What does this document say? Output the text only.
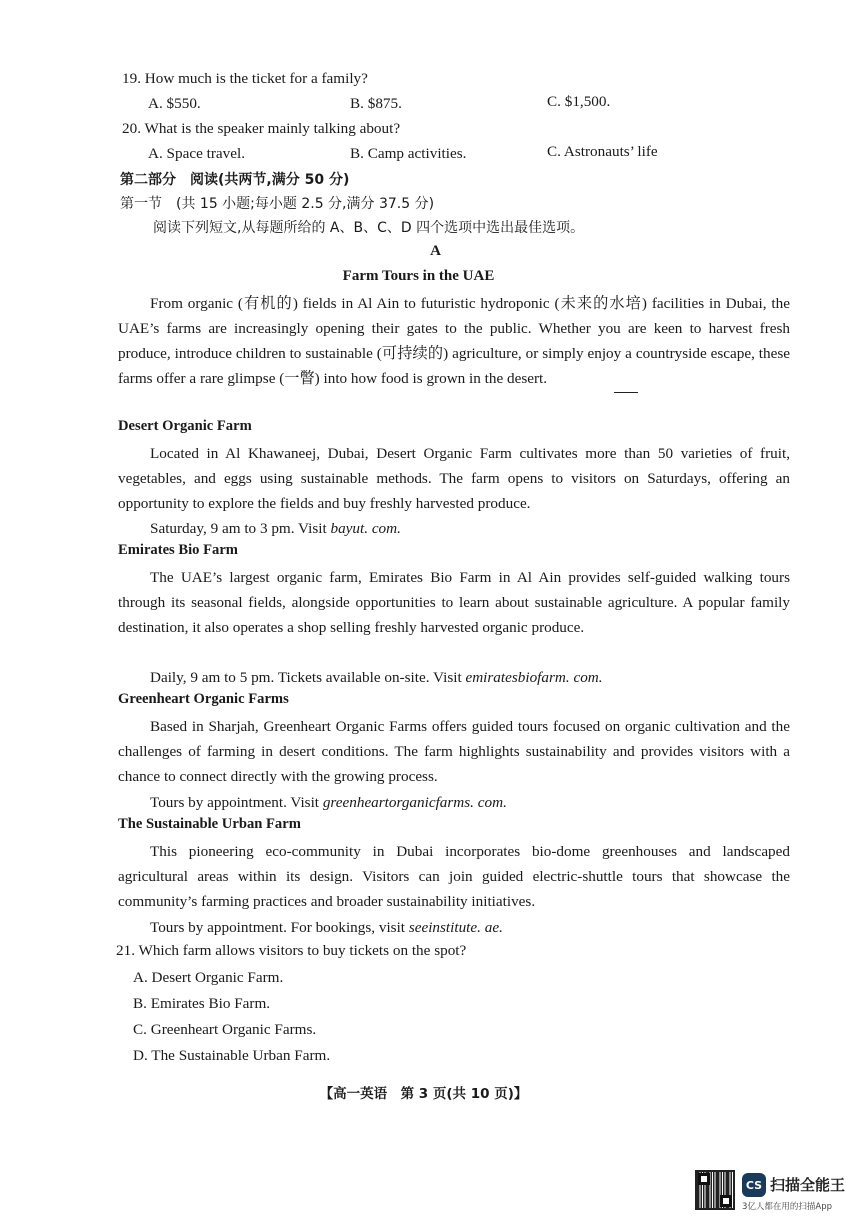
19. How much is the ticket for a family?
A. $550.	B. $875.	C. $1,500.
20. What is the speaker mainly talking about?
A. Space travel.	B. Camp activities.	C. Astronauts’ life
第二部分　阅读(共两节,满分 50 分)
第一节　(共 15 小题;每小题 2.5 分,满分 37.5 分)
阅读下列短文,从每题所给的 A、B、C、D 四个选项中选出最佳选项。
A
Farm Tours in the UAE
From organic (有机的) fields in Al Ain to futuristic hydroponic (未来的水培) facilities in Dubai, the UAE’s farms are increasingly opening their gates to the public. Whether you are keen to harvest fresh produce, introduce children to sustainable (可持续的) agriculture, or simply enjoy a countryside escape, these farms offer a rare glimpse (一瞥) into how food is grown in the desert.
Desert Organic Farm
Located in Al Khawaneej, Dubai, Desert Organic Farm cultivates more than 50 varieties of fruit, vegetables, and eggs using sustainable methods. The farm opens to visitors on Saturdays, offering an opportunity to explore the fields and buy freshly harvested produce.
Saturday, 9 am to 3 pm. Visit bayut. com.
Emirates Bio Farm
The UAE’s largest organic farm, Emirates Bio Farm in Al Ain provides self-guided walking tours through its seasonal fields, alongside opportunities to learn about sustainable agriculture. A popular family destination, it also operates a shop selling freshly harvested organic produce.
Daily, 9 am to 5 pm. Tickets available on-site. Visit emiratesbiofarm. com.
Greenheart Organic Farms
Based in Sharjah, Greenheart Organic Farms offers guided tours focused on organic cultivation and the challenges of farming in desert conditions. The farm highlights sustainability and provides visitors with a chance to connect directly with the growing process.
Tours by appointment. Visit greenheartorganicfarms. com.
The Sustainable Urban Farm
This pioneering eco-community in Dubai incorporates bio-dome greenhouses and landscaped agricultural areas within its design. Visitors can join guided electric-shuttle tours that showcase the community’s farming practices and broader sustainability initiatives.
Tours by appointment. For bookings, visit seeinstitute. ae.
21. Which farm allows visitors to buy tickets on the spot?
A. Desert Organic Farm.
B. Emirates Bio Farm.
C. Greenheart Organic Farms.
D. The Sustainable Urban Farm.
【高一英语　第 3 页(共 10 页)】
CS 扫描全能王
3亿人都在用的扫描App
